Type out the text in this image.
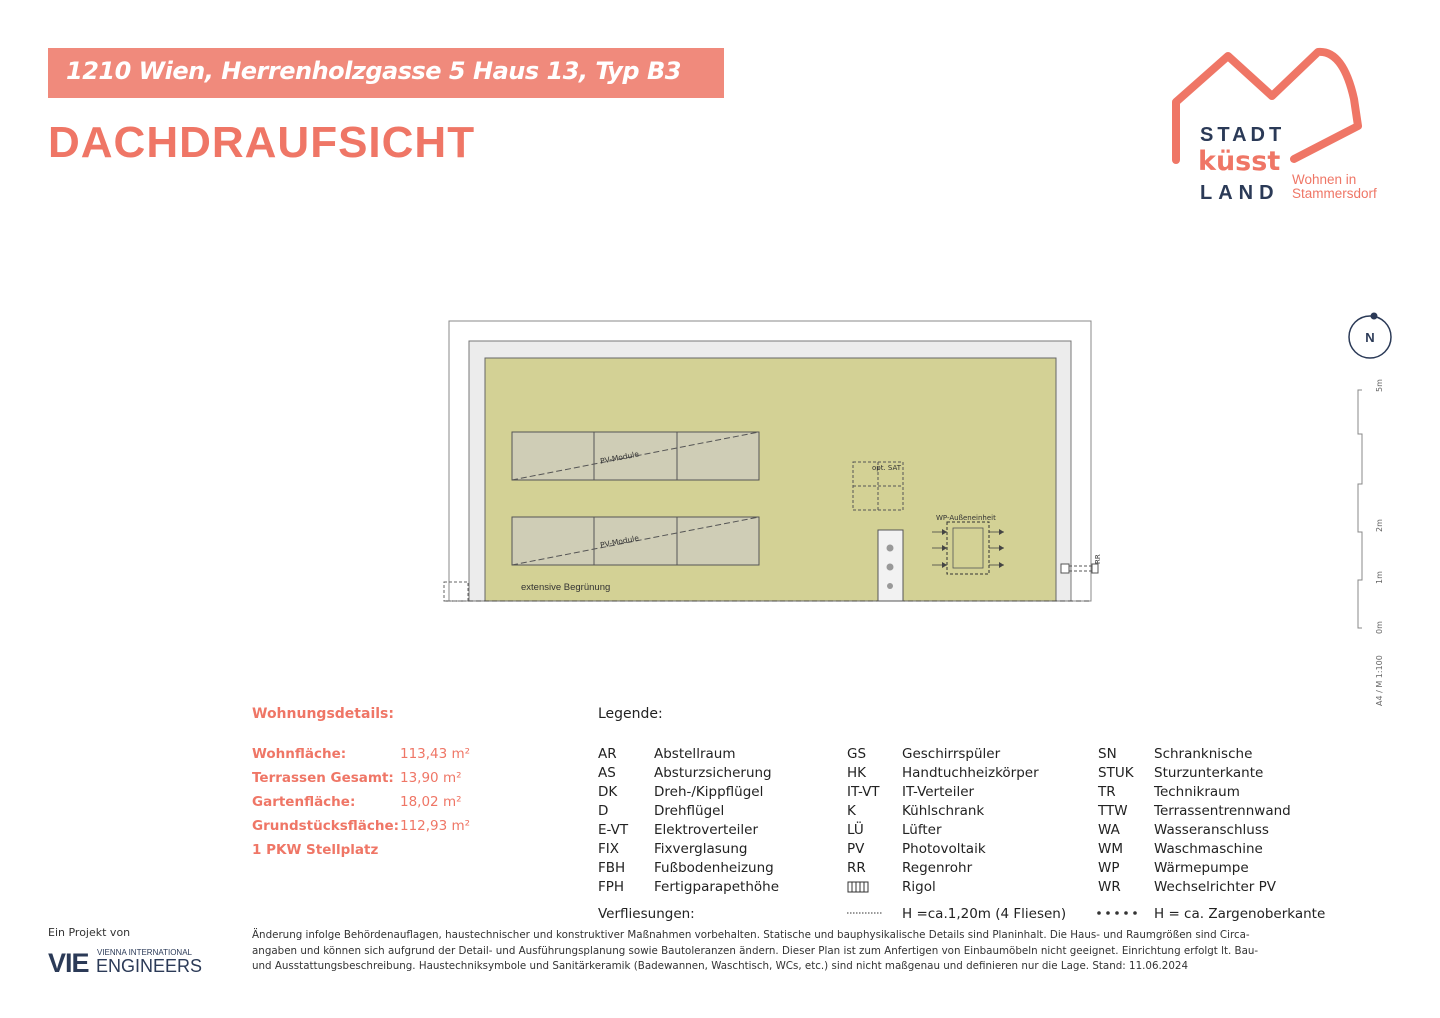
1210 Wien, Herrenholzgasse 5 Haus 13, Typ B3
DACHDRAUFSICHT	STADT
küsst
LAND
Wohnen in
Stammersdorf
PV-Module
PV-Module
opt. SAT
WP-Außeneinheit
RR
extensive Begrünung
N
5m
2m
1m
0m
A4 / M 1:100
Wohnungsdetails:
Wohnfläche:	113,43 m²
Terrassen Gesamt: 13,90 m²
Gartenfläche:	18,02 m²
Grundstücksfläche: 112,93 m²
1 PKW Stellplatz
Legende:
AR	Abstellraum
AS	Absturzsicherung
DK	Dreh-/Kippflügel
D	Drehflügel
E-VT Elektroverteiler
FIX	Fixverglasung
FBH Fußbodenheizung
FPH Fertigparapethöhe
GS	Geschirrspüler
HK	Handtuchheizkörper
IT-VT IT-Verteiler
K	Kühlschrank
LÜ	Lüfter
PV	Photovoltaik
RR	Regenrohr
Rigol
SN	Schranknische
STUK Sturzunterkante
TR	Technikraum
TTW Terrassentrennwand
WA	Wasseranschluss
WM Waschmaschine
WP	Wärmepumpe
WR Wechselrichter PV
Verfliesungen:	H =ca.1,20m (4 Fliesen)	H = ca. Zargenoberkante
Änderung infolge Behördenauflagen, haustechnischer und konstruktiver Maßnahmen vorbehalten. Statische und bauphysikalische Details sind Planinhalt. Die Haus- und Raumgrößen sind Circa-
angaben und können sich aufgrund der Detail- und Ausführungsplanung sowie Bautoleranzen ändern. Dieser Plan ist zum Anfertigen von Einbaumöbeln nicht geeignet. Einrichtung erfolgt lt. Bau-
und Ausstattungsbeschreibung. Haustechniksymbole und Sanitärkeramik (Badewannen, Waschtisch, WCs, etc.) sind nicht maßgenau und definieren nur die Lage. Stand: 11.06.2024
Ein Projekt von
VIE VIENNA INTERNATIONAL
ENGINEERS
